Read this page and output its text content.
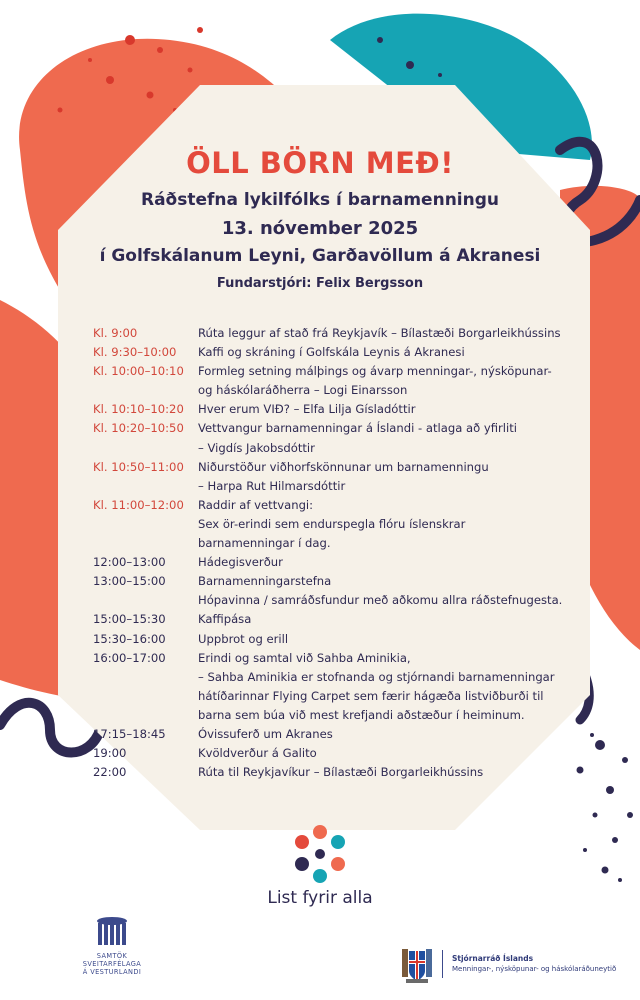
ÖLL BÖRN MEÐ!
Ráðstefna lykilfólks í barnamenningu
13. nóvember 2025
í Golfskálanum Leyni, Garðavöllum á Akranesi
Fundarstjóri: Felix Bergsson
Kl. 9:00	Rúta leggur af stað frá Reykjavík – Bílastæði Borgarleikhússins
Kl. 9:30–10:00	Kaffi og skráning í Golfskála Leynis á Akranesi
Kl. 10:00–10:10	Formleg setning málþings og ávarp menningar-, nýsköpunar-
og háskólaráðherra – Logi Einarsson
Kl. 10:10–10:20	Hver erum VIÐ? – Elfa Lilja Gísladóttir
Kl. 10:20–10:50	Vettvangur barnamenningar á Íslandi - atlaga að yfirliti
– Vigdís Jakobsdóttir
Kl. 10:50–11:00	Niðurstöður viðhorfskönnunar um barnamenningu
– Harpa Rut Hilmarsdóttir
Kl. 11:00–12:00	Raddir af vettvangi:
Sex ör-erindi sem endurspegla flóru íslenskrar
barnamenningar í dag.
12:00–13:00	Hádegisverður
13:00–15:00	Barnamenningarstefna
Hópavinna / samráðsfundur með aðkomu allra ráðstefnugesta.
15:00–15:30	Kaffipása
15:30–16:00	Uppbrot og erill
16:00–17:00	Erindi og samtal við Sahba Aminikia,
– Sahba Aminikia er stofnanda og stjórnandi barnamenningar
hátíðarinnar Flying Carpet sem færir hágæða listviðburði til
barna sem búa við mest krefjandi aðstæður í heiminum.
17:15–18:45	Óvissuferð um Akranes
19:00	Kvöldverður á Galito
22:00	Rúta til Reykjavíkur – Bílastæði Borgarleikhússins
List fyrir alla
SAMTÖK
SVEITARFÉLAGA
Á VESTURLANDI
Stjórnarráð Íslands
Menningar-, nýsköpunar- og háskólaráðuneytið
